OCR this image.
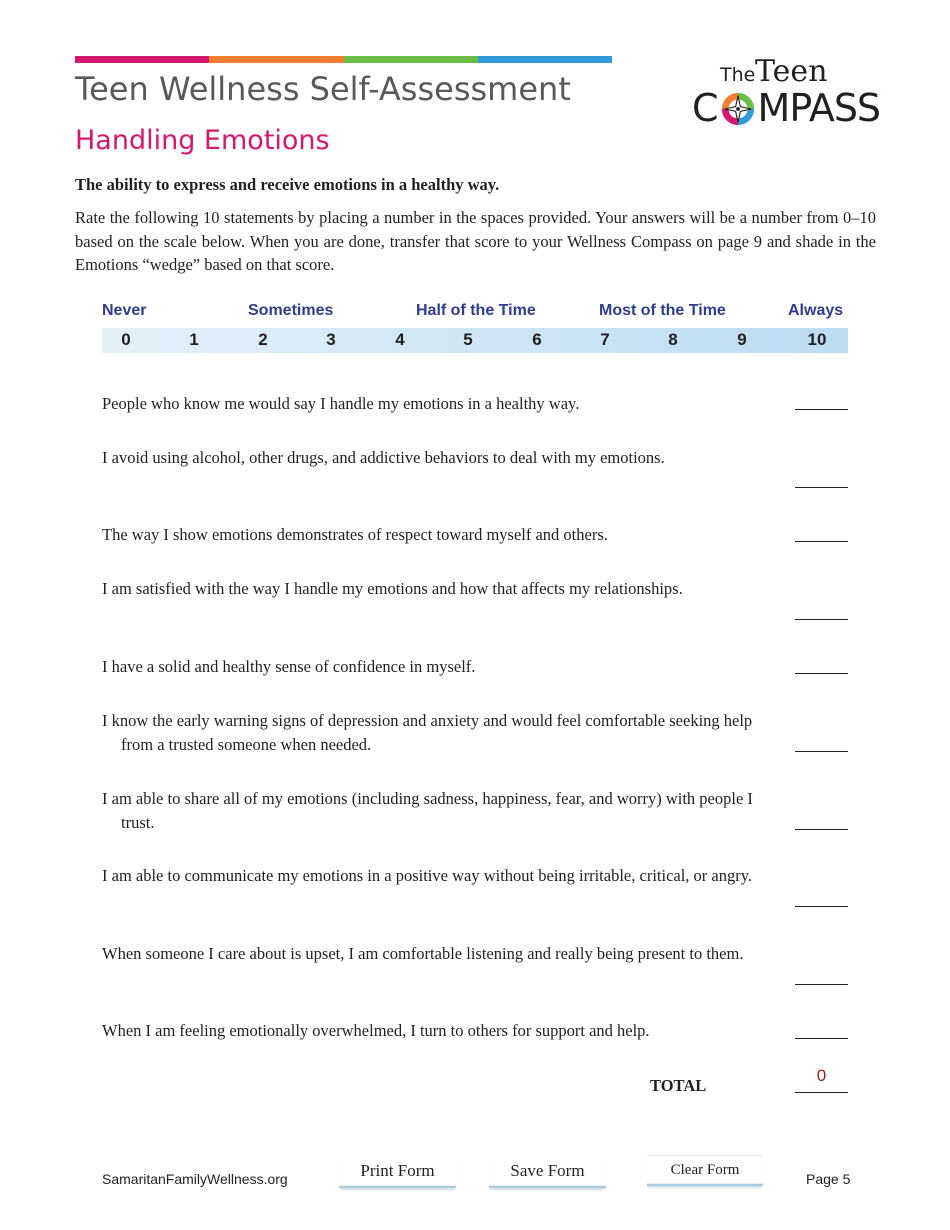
Teen Wellness Self-Assessment
Handling Emotions
The Teen
C MPASS
The ability to express and receive emotions in a healthy way.
Rate the following 10 statements by placing a number in the spaces provided. Your answers will be a number from 0–10 based on the scale below. When you are done, transfer that score to your Wellness Compass on page 9 and shade in the Emotions “wedge” based on that score.
Never	Sometimes	Half of the Time	Most of the Time	Always
0	1	2	3	4	5	6	7	8	9	10
People who know me would say I handle my emotions in a healthy way.
I avoid using alcohol, other drugs, and addictive behaviors to deal with my emotions.
The way I show emotions demonstrates of respect toward myself and others.
I am satisfied with the way I handle my emotions and how that affects my relationships.
I have a solid and healthy sense of confidence in myself.
I know the early warning signs of depression and anxiety and would feel comfortable seeking help from a trusted someone when needed.
I am able to share all of my emotions (including sadness, happiness, fear, and worry) with people I trust.
I am able to communicate my emotions in a positive way without being irritable, critical, or angry.
When someone I care about is upset, I am comfortable listening and really being present to them.
When I am feeling emotionally overwhelmed, I turn to others for support and help.
TOTAL
0
SamaritanFamilyWellness.org	Print Form	Save Form	Clear Form
Page 5
